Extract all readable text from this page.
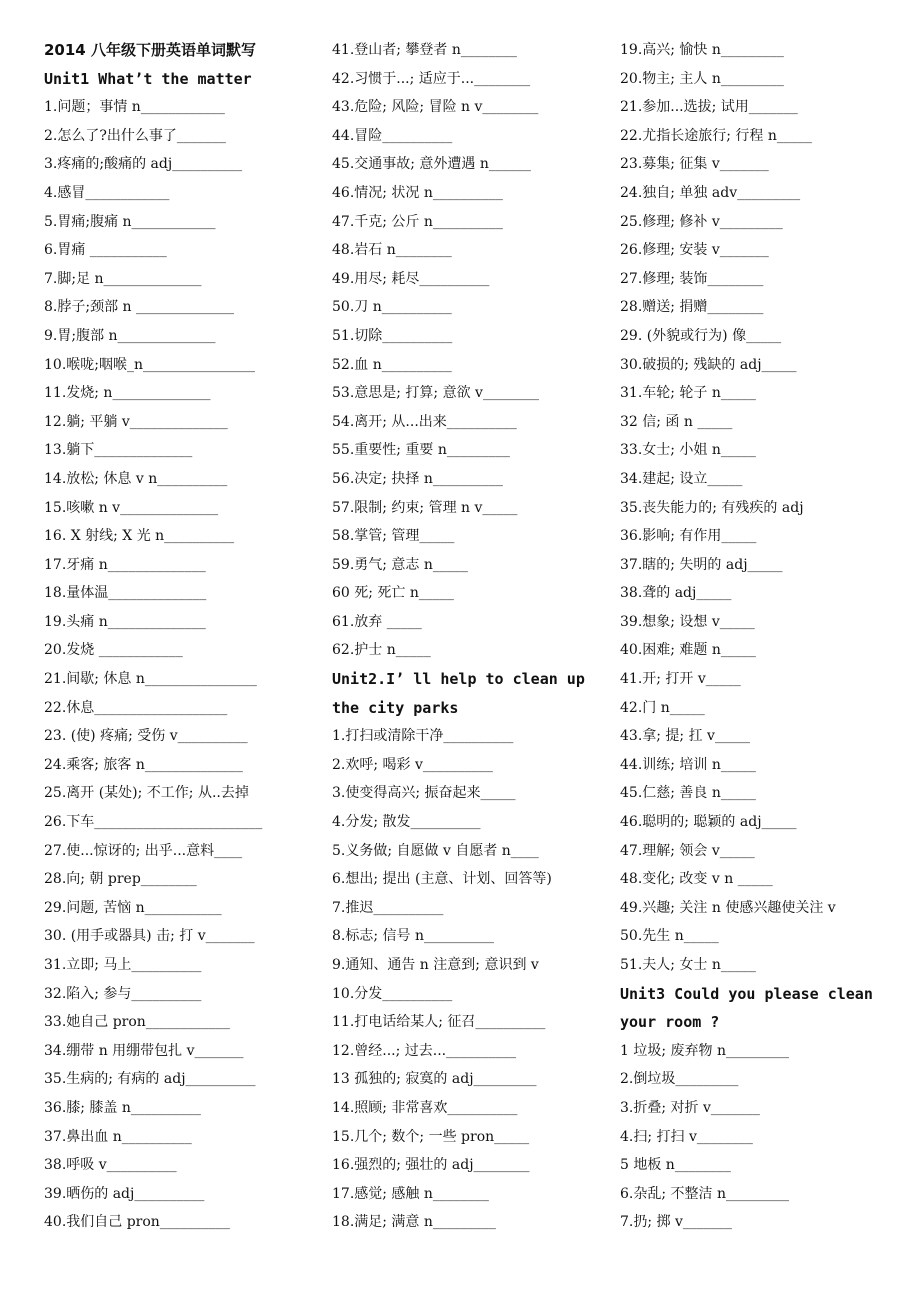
2014 八年级下册英语单词默写
Unit1 What’t the matter
1.问题；事情 n____________
2.怎么了?出什么事了_______
3.疼痛的;酸痛的 adj__________
4.感冒____________
5.胃痛;腹痛 n____________
6.胃痛 ___________
7.脚;足 n______________
8.脖子;颈部 n ______________
9.胃;腹部 n______________
10.喉咙;咽喉_n________________
11.发烧; n______________
12.躺; 平躺 v______________
13.躺下______________
14.放松; 休息 v n__________
15.咳嗽 n v______________
16. X 射线; X 光 n__________
17.牙痛 n______________
18.量体温______________
19.头痛 n______________
20.发烧 ____________
21.间歇; 休息 n________________
22.休息___________________
23. (使) 疼痛; 受伤 v__________
24.乘客; 旅客 n______________
25.离开 (某处); 不工作; 从..去掉
26.下车________________________
27.使...惊讶的; 出乎...意料____
28.向; 朝 prep________
29.问题, 苦恼 n___________
30. (用手或器具) 击; 打 v_______
31.立即; 马上__________
32.陷入; 参与__________
33.她自己 pron____________
34.绷带 n 用绷带包扎 v_______
35.生病的; 有病的 adj__________
36.膝; 膝盖 n__________
37.鼻出血 n__________
38.呼吸 v__________
39.晒伤的 adj__________
40.我们自己 pron__________
41.登山者; 攀登者 n________
42.习惯于...; 适应于...________
43.危险; 风险; 冒险 n v________
44.冒险__________
45.交通事故; 意外遭遇 n______
46.情况; 状况 n__________
47.千克; 公斤 n__________
48.岩石 n________
49.用尽; 耗尽__________
50.刀 n__________
51.切除__________
52.血 n__________
53.意思是; 打算; 意欲 v________
54.离开; 从...出来__________
55.重要性; 重要 n_________
56.决定; 抉择 n__________
57.限制; 约束; 管理 n v_____
58.掌管; 管理_____
59.勇气; 意志 n_____
60 死; 死亡 n_____
61.放弃 _____
62.护士 n_____
Unit2.I’ ll help to clean up the city parks
1.打扫或清除干净__________
2.欢呼; 喝彩 v__________
3.使变得高兴; 振奋起来_____
4.分发; 散发__________
5.义务做; 自愿做 v 自愿者 n____
6.想出; 提出 (主意、计划、回答等)
7.推迟__________
8.标志; 信号 n__________
9.通知、通告 n 注意到; 意识到 v
10.分发__________
11.打电话给某人; 征召__________
12.曾经...; 过去...__________
13 孤独的; 寂寞的 adj_________
14.照顾; 非常喜欢__________
15.几个; 数个; 一些 pron_____
16.强烈的; 强壮的 adj________
17.感觉; 感触 n________
18.满足; 满意 n_________
19.高兴; 愉快 n_________
20.物主; 主人 n_________
21.参加...选拔; 试用_______
22.尤指长途旅行; 行程 n_____
23.募集; 征集 v_______
24.独自; 单独 adv_________
25.修理; 修补 v_________
26.修理; 安装 v_______
27.修理; 装饰________
28.赠送; 捐赠________
29. (外貌或行为) 像_____
30.破损的; 残缺的 adj_____
31.车轮; 轮子 n_____
32 信; 函 n _____
33.女士; 小姐 n_____
34.建起; 设立_____
35.丧失能力的; 有残疾的 adj
36.影响; 有作用_____
37.瞎的; 失明的 adj_____
38.聋的 adj_____
39.想象; 设想 v_____
40.困难; 难题 n_____
41.开; 打开 v_____
42.门 n_____
43.拿; 提; 扛 v_____
44.训练; 培训 n_____
45.仁慈; 善良 n_____
46.聪明的; 聪颖的 adj_____
47.理解; 领会 v_____
48.变化; 改变 v n _____
49.兴趣; 关注 n 使感兴趣使关注 v
50.先生 n_____
51.夫人; 女士 n_____
Unit3 Could you please clean your room ?
1 垃圾; 废弃物 n_________
2.倒垃圾_________
3.折叠; 对折 v_______
4.扫; 打扫 v________
5 地板 n________
6.杂乱; 不整洁 n_________
7.扔; 掷 v_______
